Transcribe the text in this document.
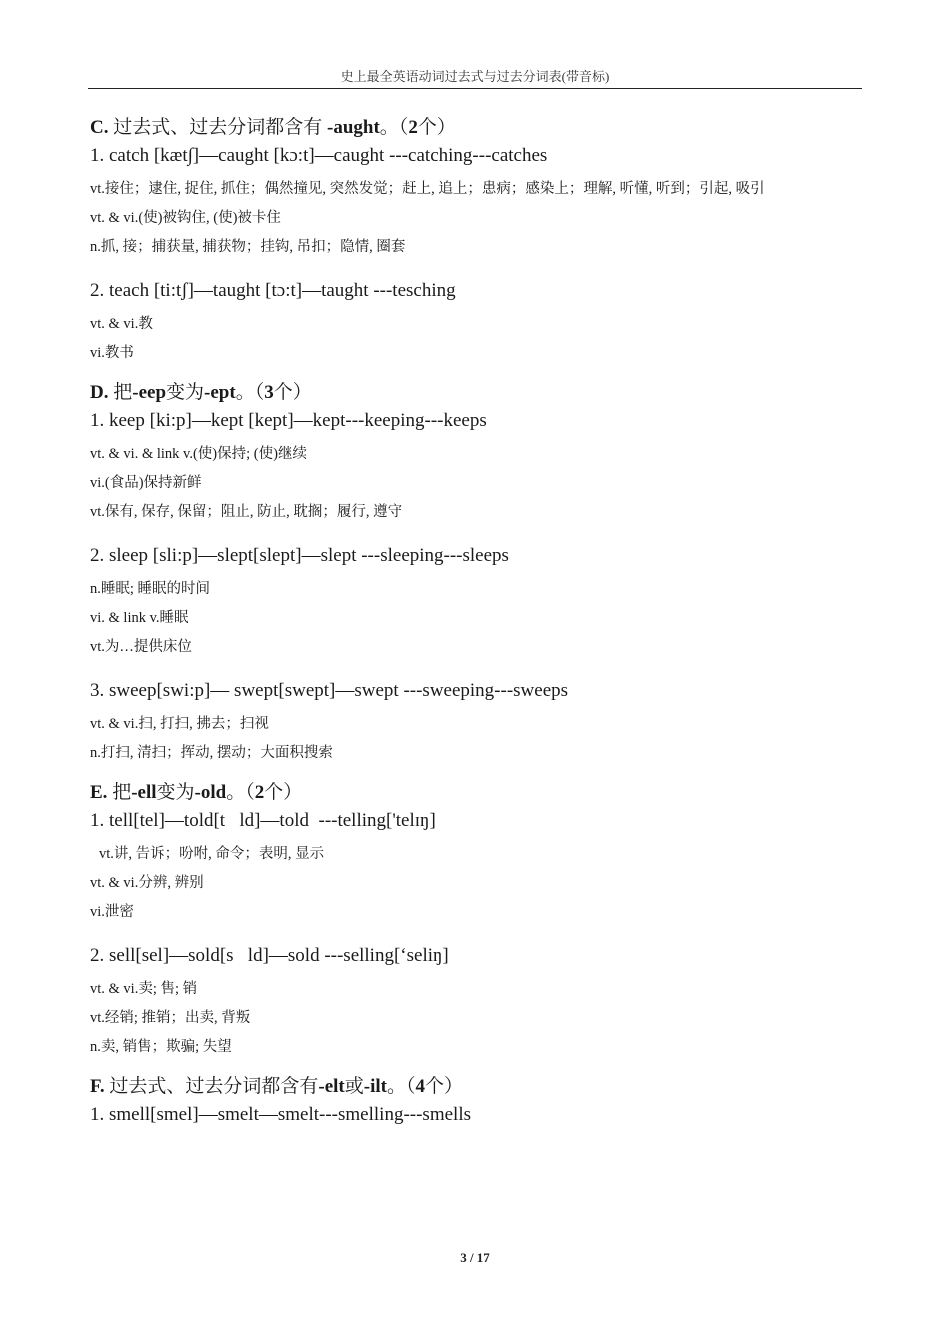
史上最全英语动词过去式与过去分词表(带音标)

C. 过去式、过去分词都含有 -aught。（2个）

1. catch [kæt∫]—caught [kɔ:t]—caught ---catching---catches

vt.接住；逮住, 捉住, 抓住；偶然撞见, 突然发觉；赶上, 追上；患病；感染上；理解, 听懂, 听到；引起, 吸引

vt. & vi.(使)被钩住, (使)被卡住

n.抓, 接；捕获量, 捕获物；挂钩, 吊扣；隐情, 圈套

2. teach [ti:tʃ]—taught [tɔ:t]—taught ---tesching

vt. & vi.教

vi.教书

D. 把-eep变为-ept。（3个）

1. keep [ki:p]—kept [kept]—kept---keeping---keeps

vt. & vi. & link v.(使)保持; (使)继续

vi.(食品)保持新鲜

vt.保有, 保存, 保留；阻止, 防止, 耽搁；履行, 遵守

2. sleep [sli:p]—slept[slept]—slept ---sleeping---sleeps

n.睡眠; 睡眠的时间

vi. & link v.睡眠

vt.为…提供床位

3. sweep[swi:p]— swept[swept]—swept ---sweeping---sweeps

vt. & vi.扫, 打扫, 拂去；扫视

n.打扫, 清扫；挥动, 摆动；大面积搜索

E. 把-ell变为-old。（2个）

1. tell[tel]—told[t   ld]—told  ---telling['telɪŋ]

vt.讲, 告诉；吩咐, 命令；表明, 显示

vt. & vi.分辨, 辨别

vi.泄密

2. sell[sel]—sold[s   ld]—sold ---selling[‘seliŋ]

vt. & vi.卖; 售; 销

vt.经销; 推销；出卖, 背叛

n.卖, 销售；欺骗; 失望

F. 过去式、过去分词都含有-elt或-ilt。（4个）

1. smell[smel]—smelt—smelt---smelling---smells

3 / 17
